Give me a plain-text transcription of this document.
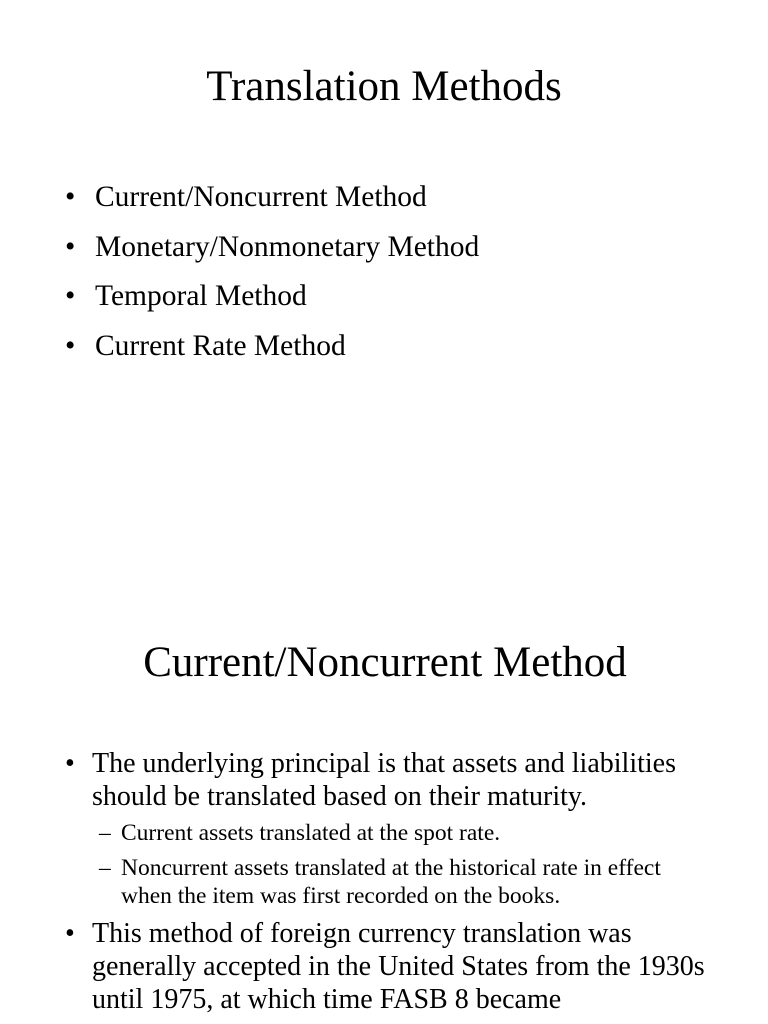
Translation Methods
• Current/Noncurrent Method
• Monetary/Nonmonetary Method
• Temporal Method
• Current Rate Method
Current/Noncurrent Method
• The underlying principal is that assets and liabilities should be translated based on their maturity.
– Current assets translated at the spot rate.
– Noncurrent assets translated at the historical rate in effect when the item was first recorded on the books.
• This method of foreign currency translation was generally accepted in the United States from the 1930s until 1975, at which time FASB 8 became
